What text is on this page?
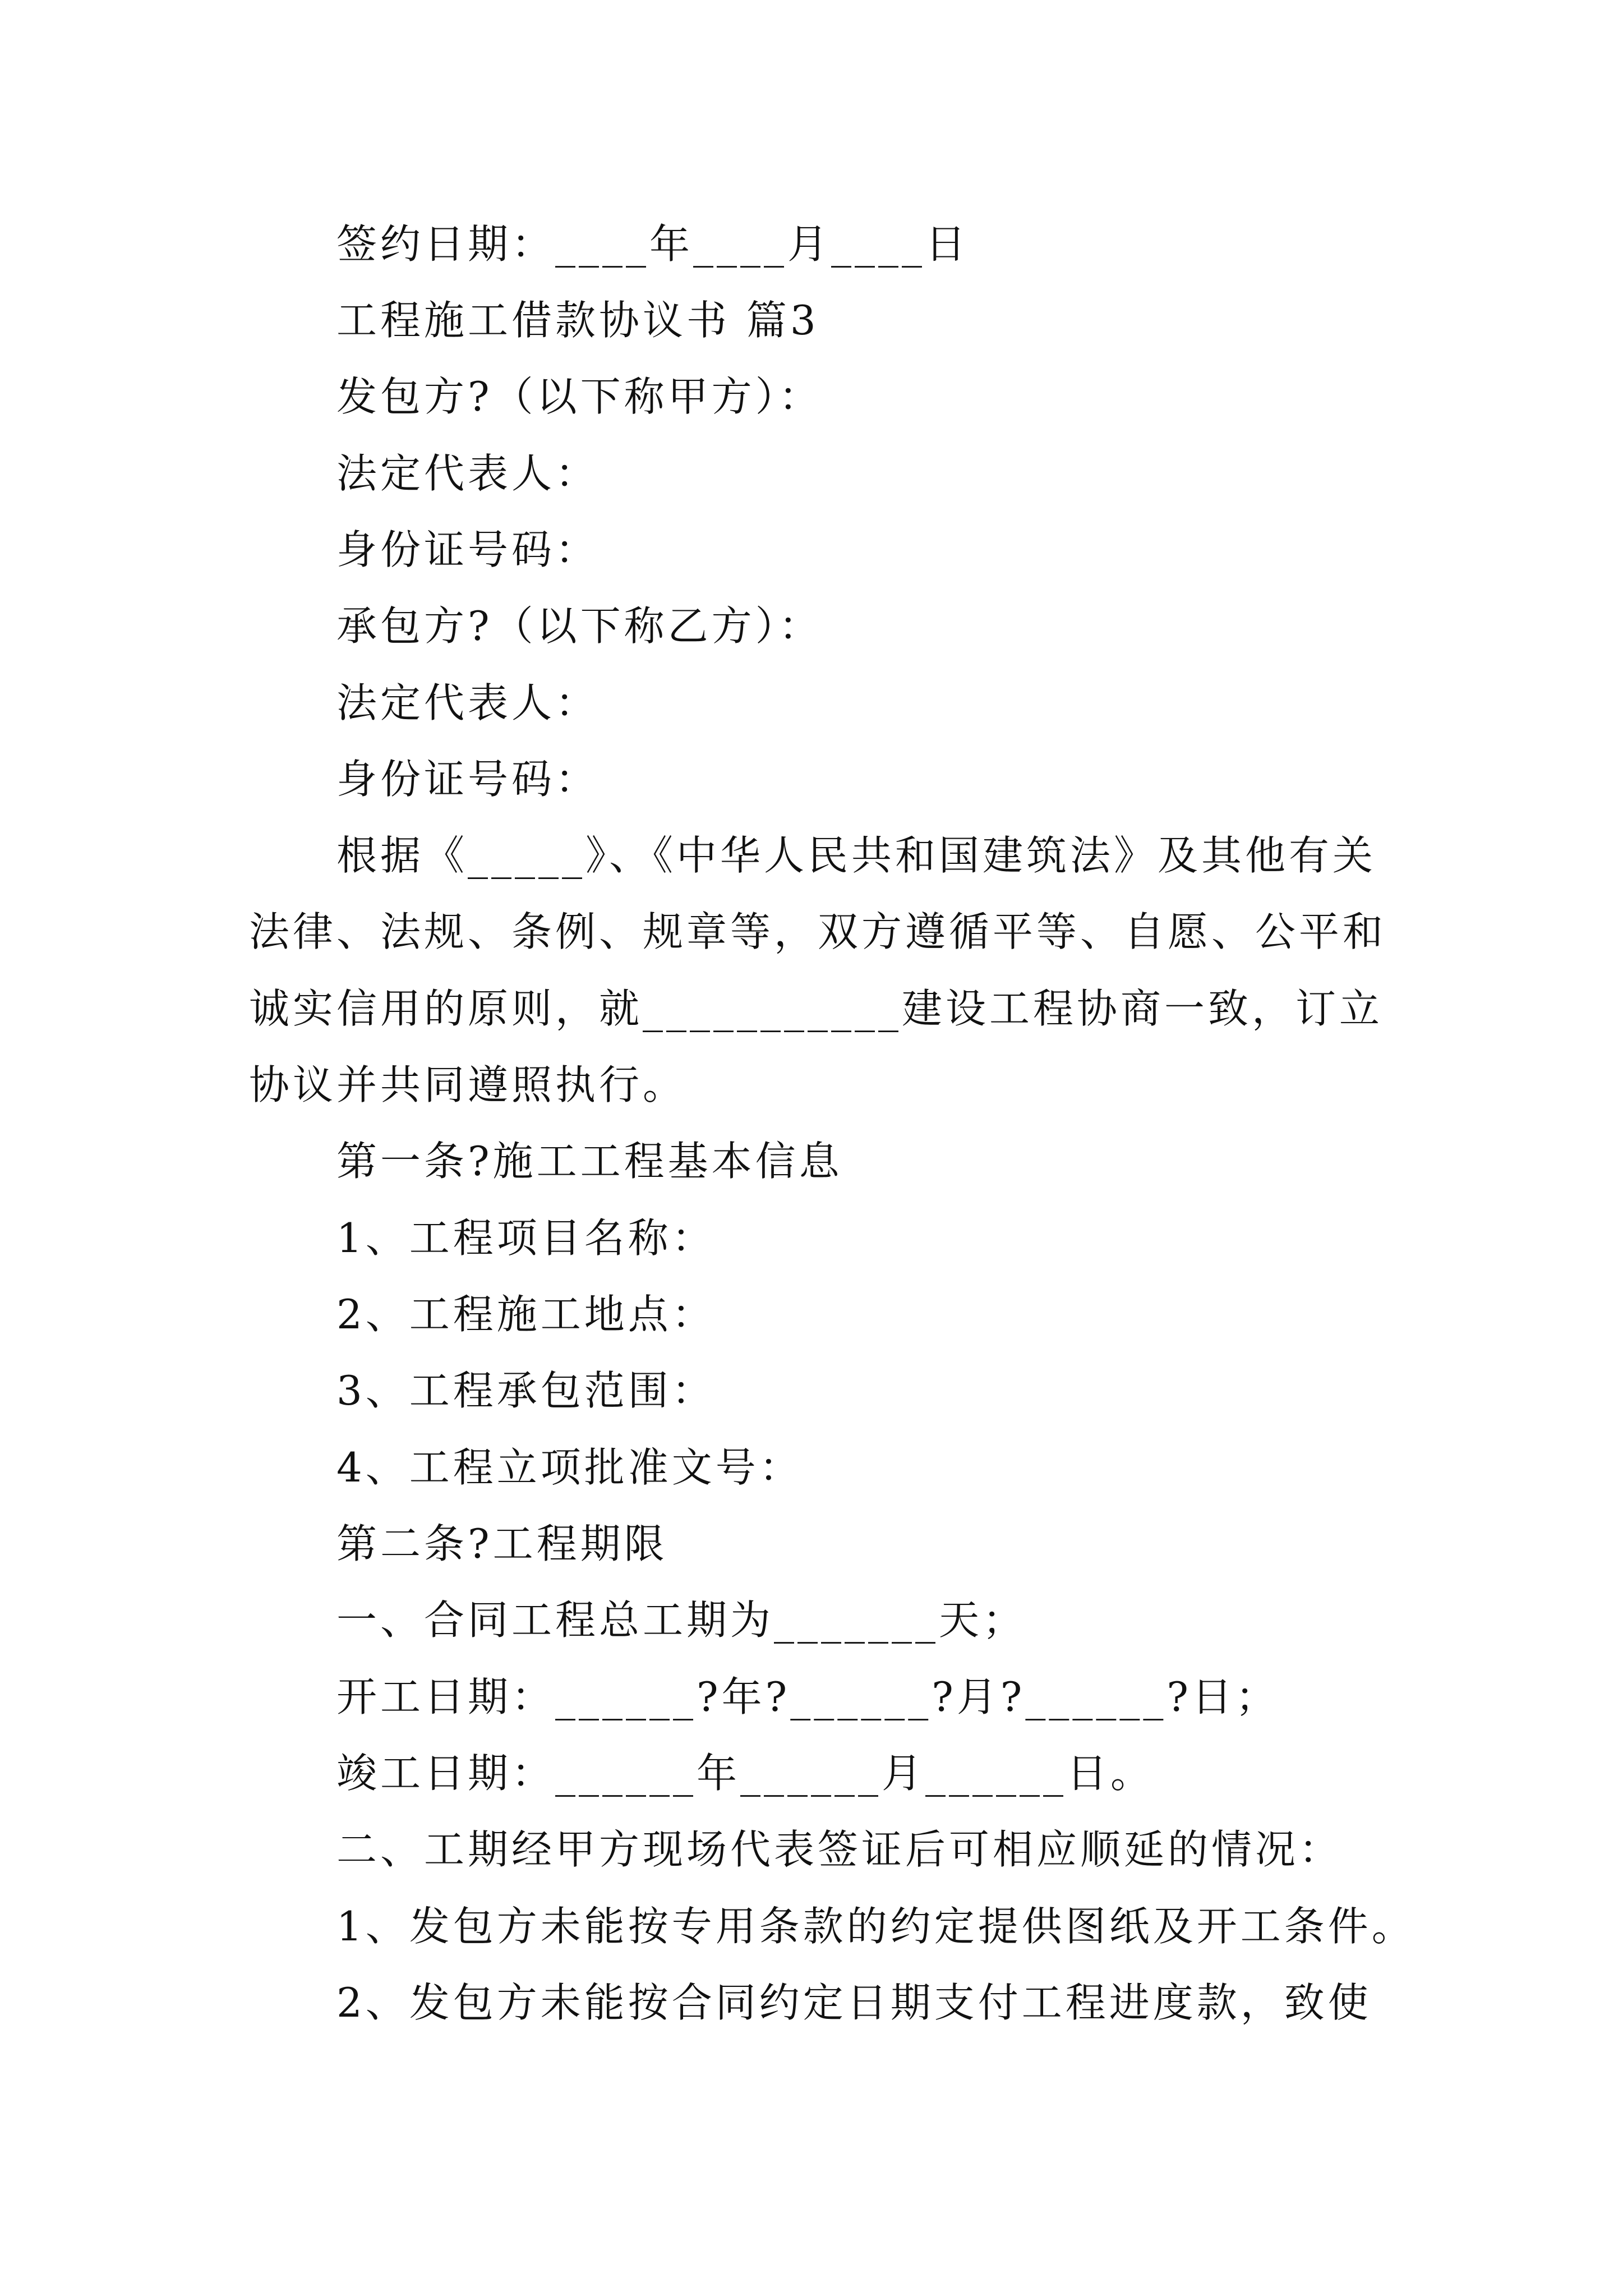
签约日期：____年____月____日
工程施工借款协议书 篇3
发包方?（以下称甲方）：
法定代表人：
身份证号码：
承包方?（以下称乙方）：
法定代表人：
身份证号码：
根据《_____》、《中华人民共和国建筑法》及其他有关
法律、法规、条例、规章等，双方遵循平等、自愿、公平和
诚实信用的原则，就___________建设工程协商一致，订立
协议并共同遵照执行。
第一条?施工工程基本信息
1、工程项目名称：
2、工程施工地点：
3、工程承包范围：
4、工程立项批准文号：
第二条?工程期限
一、合同工程总工期为_______天；
开工日期：______?年?______?月?______?日；
竣工日期：______年______月______日。
二、工期经甲方现场代表签证后可相应顺延的情况：
1、发包方未能按专用条款的约定提供图纸及开工条件。
2、发包方未能按合同约定日期支付工程进度款，致使
